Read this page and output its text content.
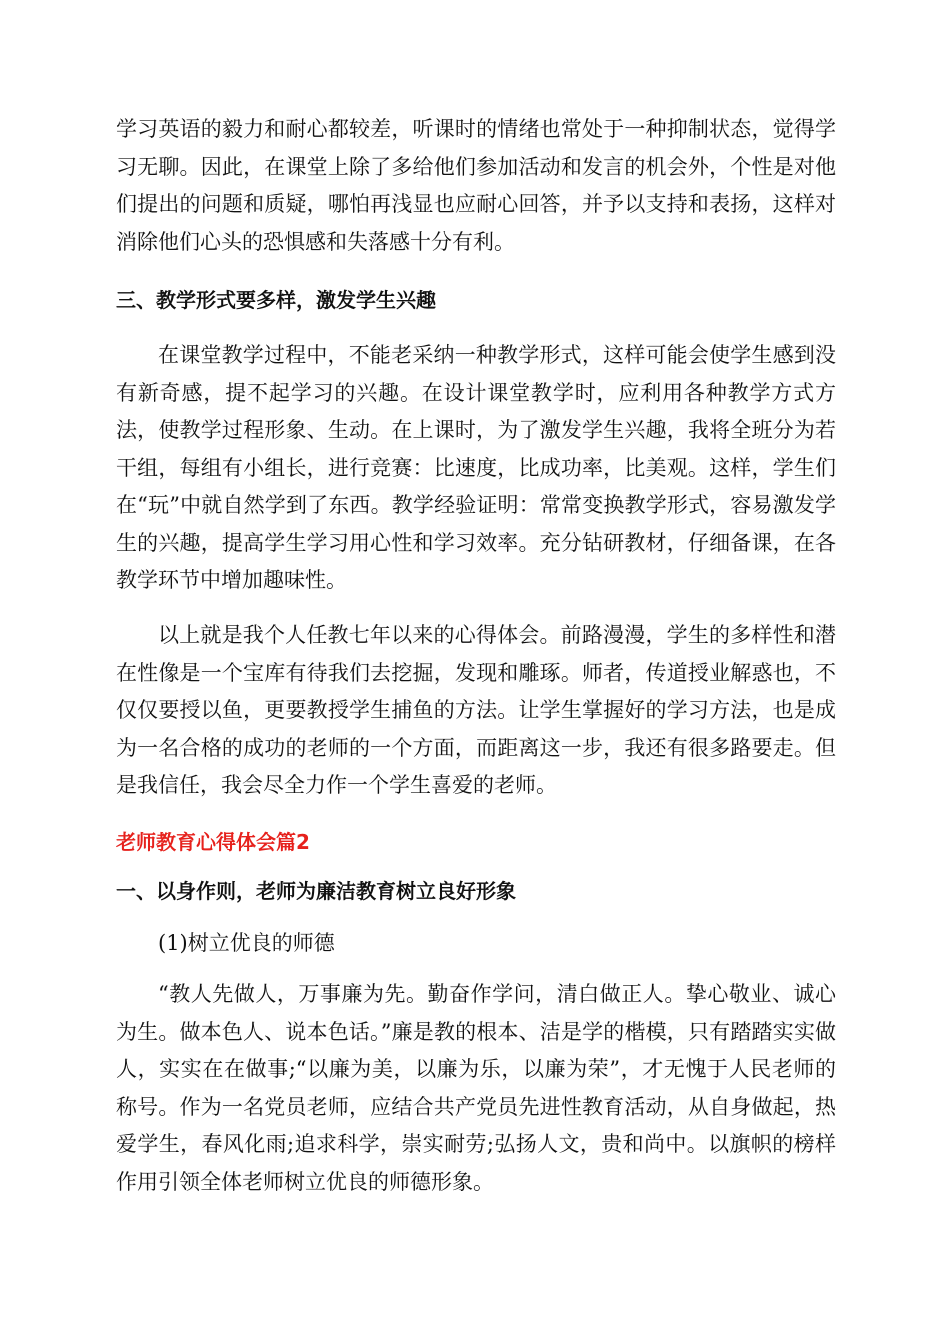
学习英语的毅力和耐心都较差，听课时的情绪也常处于一种抑制状态，觉得学习无聊。因此，在课堂上除了多给他们参加活动和发言的机会外，个性是对他们提出的问题和质疑，哪怕再浅显也应耐心回答，并予以支持和表扬，这样对消除他们心头的恐惧感和失落感十分有利。

三、教学形式要多样，激发学生兴趣

在课堂教学过程中，不能老采纳一种教学形式，这样可能会使学生感到没有新奇感，提不起学习的兴趣。在设计课堂教学时，应利用各种教学方式方法，使教学过程形象、生动。在上课时，为了激发学生兴趣，我将全班分为若干组，每组有小组长，进行竞赛：比速度，比成功率，比美观。这样，学生们在“玩”中就自然学到了东西。教学经验证明：常常变换教学形式，容易激发学生的兴趣，提高学生学习用心性和学习效率。充分钻研教材，仔细备课，在各教学环节中增加趣味性。

以上就是我个人任教七年以来的心得体会。前路漫漫，学生的多样性和潜在性像是一个宝库有待我们去挖掘，发现和雕琢。师者，传道授业解惑也，不仅仅要授以鱼，更要教授学生捕鱼的方法。让学生掌握好的学习方法，也是成为一名合格的成功的老师的一个方面，而距离这一步，我还有很多路要走。但是我信任，我会尽全力作一个学生喜爱的老师。

老师教育心得体会篇2
一、以身作则，老师为廉洁教育树立良好形象
(1)树立优良的师德

“教人先做人，万事廉为先。勤奋作学问，清白做正人。挚心敬业、诚心为生。做本色人、说本色话。”廉是教的根本、洁是学的楷模，只有踏踏实实做人，实实在在做事;“以廉为美，以廉为乐，以廉为荣”，才无愧于人民老师的称号。作为一名党员老师，应结合共产党员先进性教育活动，从自身做起，热爱学生，春风化雨;追求科学，崇实耐劳;弘扬人文，贵和尚中。以旗帜的榜样作用引领全体老师树立优良的师德形象。
